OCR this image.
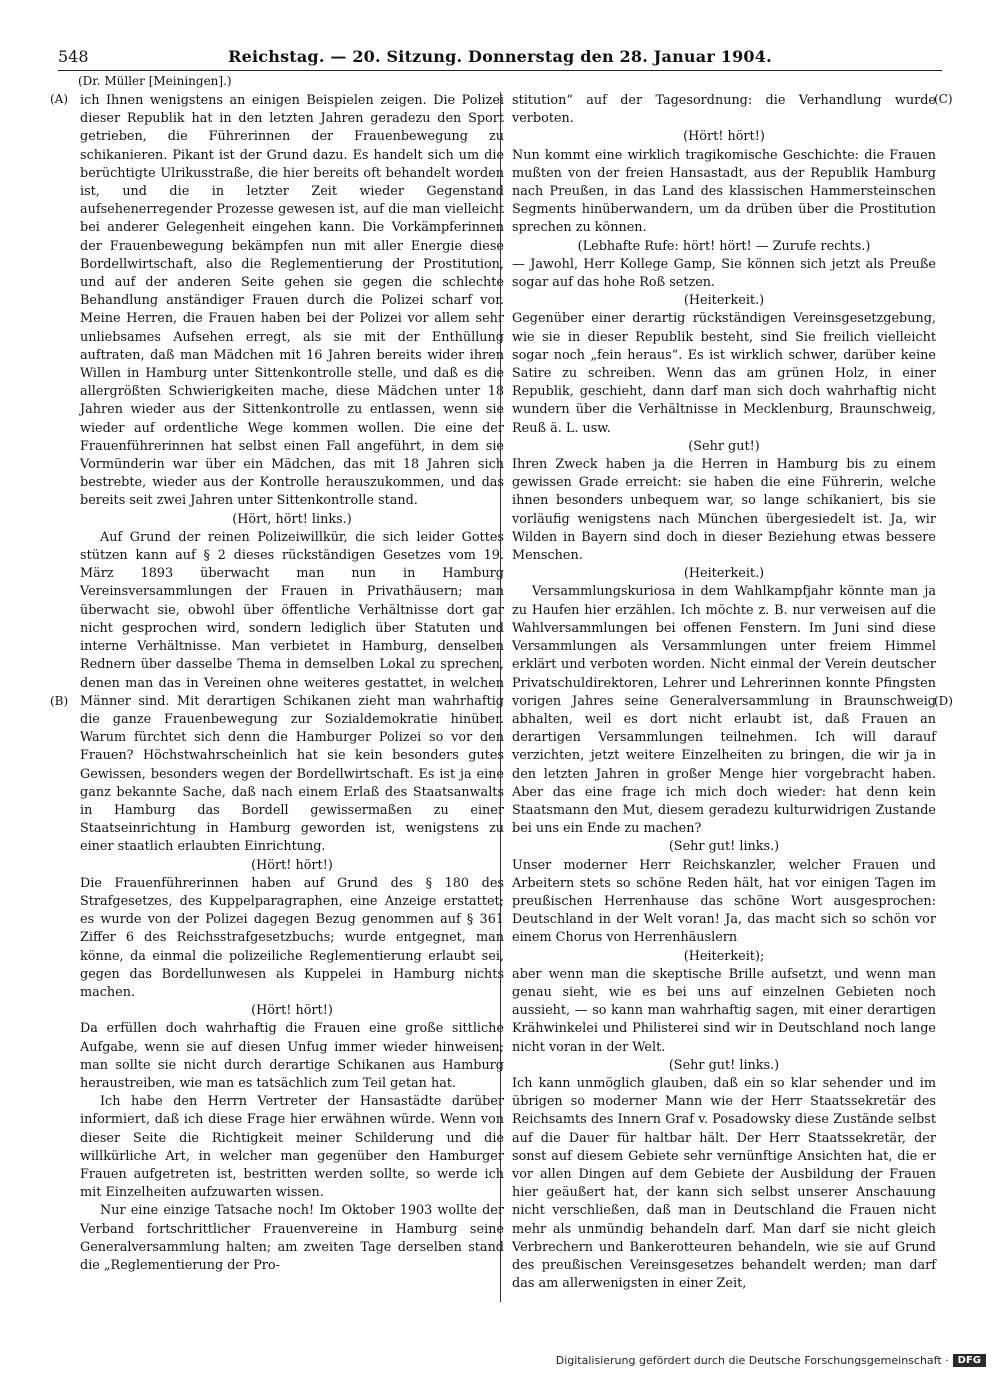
548	Reichstag. — 20. Sitzung. Donnerstag den 28. Januar 1904.
(Dr. Müller [Meiningen].)
(A)
(B)
(C)
(D)

ich Ihnen wenigstens an einigen Beispielen zeigen. Die Polizei dieser Republik hat in den letzten Jahren geradezu den Sport getrieben, die Führerinnen der Frauenbewegung zu schikanieren. Pikant ist der Grund dazu. Es handelt sich um die berüchtigte Ulrikusstraße, die hier bereits oft behandelt worden ist, und die in letzter Zeit wieder Gegenstand aufsehenerregender Prozesse gewesen ist, auf die man vielleicht bei anderer Gelegenheit eingehen kann. Die Vorkämpferinnen der Frauenbewegung bekämpfen nun mit aller Energie diese Bordellwirtschaft, also die Reglementierung der Prostitution, und auf der anderen Seite gehen sie gegen die schlechte Behandlung anständiger Frauen durch die Polizei scharf vor. Meine Herren, die Frauen haben bei der Polizei vor allem sehr unliebsames Aufsehen erregt, als sie mit der Enthüllung auftraten, daß man Mädchen mit 16 Jahren bereits wider ihren Willen in Hamburg unter Sittenkontrolle stelle, und daß es die allergrößten Schwierigkeiten mache, diese Mädchen unter 18 Jahren wieder aus der Sittenkontrolle zu entlassen, wenn sie wieder auf ordentliche Wege kommen wollen. Die eine der Frauenführerinnen hat selbst einen Fall angeführt, in dem sie Vormünderin war über ein Mädchen, das mit 18 Jahren sich bestrebte, wieder aus der Kontrolle herauszukommen, und das bereits seit zwei Jahren unter Sittenkontrolle stand.

(Hört, hört! links.)

Auf Grund der reinen Polizeiwillkür, die sich leider Gottes stützen kann auf § 2 dieses rückständigen Gesetzes vom 19. März 1893 überwacht man nun in Hamburg Vereinsversammlungen der Frauen in Privathäusern; man überwacht sie, obwohl über öffentliche Verhältnisse dort gar nicht gesprochen wird, sondern lediglich über Statuten und interne Verhältnisse. Man verbietet in Hamburg, denselben Rednern über dasselbe Thema in demselben Lokal zu sprechen, denen man das in Vereinen ohne weiteres gestattet, in welchen Männer sind. Mit derartigen Schikanen zieht man wahrhaftig die ganze Frauenbewegung zur Sozialdemokratie hinüber. Warum fürchtet sich denn die Hamburger Polizei so vor den Frauen? Höchstwahrscheinlich hat sie kein besonders gutes Gewissen, besonders wegen der Bordellwirtschaft. Es ist ja eine ganz bekannte Sache, daß nach einem Erlaß des Staatsanwalts in Hamburg das Bordell gewissermaßen zu einer Staatseinrichtung in Hamburg geworden ist, wenigstens zu einer staatlich erlaubten Einrichtung.

(Hört! hört!)

Die Frauenführerinnen haben auf Grund des § 180 des Strafgesetzes, des Kuppelparagraphen, eine Anzeige erstattet; es wurde von der Polizei dagegen Bezug genommen auf § 361 Ziffer 6 des Reichsstrafgesetzbuchs; wurde entgegnet, man könne, da einmal die polizeiliche Reglementierung erlaubt sei, gegen das Bordellunwesen als Kuppelei in Hamburg nichts machen.

(Hört! hört!)

Da erfüllen doch wahrhaftig die Frauen eine große sittliche Aufgabe, wenn sie auf diesen Unfug immer wieder hinweisen; man sollte sie nicht durch derartige Schikanen aus Hamburg heraustreiben, wie man es tatsächlich zum Teil getan hat.

Ich habe den Herrn Vertreter der Hansastädte darüber informiert, daß ich diese Frage hier erwähnen würde. Wenn von dieser Seite die Richtigkeit meiner Schilderung und die willkürliche Art, in welcher man gegenüber den Hamburger Frauen aufgetreten ist, bestritten werden sollte, so werde ich mit Einzelheiten aufzuwarten wissen.

Nur eine einzige Tatsache noch! Im Oktober 1903 wollte der Verband fortschrittlicher Frauenvereine in Hamburg seine Generalversammlung halten; am zweiten Tage derselben stand die „Reglementierung der Pro-

stitution“ auf der Tagesordnung: die Verhandlung wurde verboten.

(Hört! hört!)

Nun kommt eine wirklich tragikomische Geschichte: die Frauen mußten von der freien Hansastadt, aus der Republik Hamburg nach Preußen, in das Land des klassischen Hammersteinschen Segments hinüberwandern, um da drüben über die Prostitution sprechen zu können.

(Lebhafte Rufe: hört! hört! — Zurufe rechts.)

— Jawohl, Herr Kollege Gamp, Sie können sich jetzt als Preuße sogar auf das hohe Roß setzen.

(Heiterkeit.)

Gegenüber einer derartig rückständigen Vereinsgesetzgebung, wie sie in dieser Republik besteht, sind Sie freilich vielleicht sogar noch „fein heraus“. Es ist wirklich schwer, darüber keine Satire zu schreiben. Wenn das am grünen Holz, in einer Republik, geschieht, dann darf man sich doch wahrhaftig nicht wundern über die Verhältnisse in Mecklenburg, Braunschweig, Reuß ä. L. usw.

(Sehr gut!)

Ihren Zweck haben ja die Herren in Hamburg bis zu einem gewissen Grade erreicht: sie haben die eine Führerin, welche ihnen besonders unbequem war, so lange schikaniert, bis sie vorläufig wenigstens nach München übergesiedelt ist. Ja, wir Wilden in Bayern sind doch in dieser Beziehung etwas bessere Menschen.

(Heiterkeit.)

Versammlungskuriosa in dem Wahlkampfjahr könnte man ja zu Haufen hier erzählen. Ich möchte z. B. nur verweisen auf die Wahlversammlungen bei offenen Fenstern. Im Juni sind diese Versammlungen als Versammlungen unter freiem Himmel erklärt und verboten worden. Nicht einmal der Verein deutscher Privatschuldirektoren, Lehrer und Lehrerinnen konnte Pfingsten vorigen Jahres seine Generalversammlung in Braunschweig abhalten, weil es dort nicht erlaubt ist, daß Frauen an derartigen Versammlungen teilnehmen. Ich will darauf verzichten, jetzt weitere Einzelheiten zu bringen, die wir ja in den letzten Jahren in großer Menge hier vorgebracht haben. Aber das eine frage ich mich doch wieder: hat denn kein Staatsmann den Mut, diesem geradezu kulturwidrigen Zustande bei uns ein Ende zu machen?

(Sehr gut! links.)

Unser moderner Herr Reichskanzler, welcher Frauen und Arbeitern stets so schöne Reden hält, hat vor einigen Tagen im preußischen Herrenhause das schöne Wort ausgesprochen: Deutschland in der Welt voran! Ja, das macht sich so schön vor einem Chorus von Herrenhäuslern

(Heiterkeit);

aber wenn man die skeptische Brille aufsetzt, und wenn man genau sieht, wie es bei uns auf einzelnen Gebieten noch aussieht, — so kann man wahrhaftig sagen, mit einer derartigen Krähwinkelei und Philisterei sind wir in Deutschland noch lange nicht voran in der Welt.

(Sehr gut! links.)

Ich kann unmöglich glauben, daß ein so klar sehender und im übrigen so moderner Mann wie der Herr Staatssekretär des Reichsamts des Innern Graf v. Posadowsky diese Zustände selbst auf die Dauer für haltbar hält. Der Herr Staatssekretär, der sonst auf diesem Gebiete sehr vernünftige Ansichten hat, die er vor allen Dingen auf dem Gebiete der Ausbildung der Frauen hier geäußert hat, der kann sich selbst unserer Anschauung nicht verschließen, daß man in Deutschland die Frauen nicht mehr als unmündig behandeln darf. Man darf sie nicht gleich Verbrechern und Bankerotteuren behandeln, wie sie auf Grund des preußischen Vereinsgesetzes behandelt werden; man darf das am allerwenigsten in einer Zeit,

Digitalisierung gefördert durch die Deutsche Forschungsgemeinschaft · DFG
